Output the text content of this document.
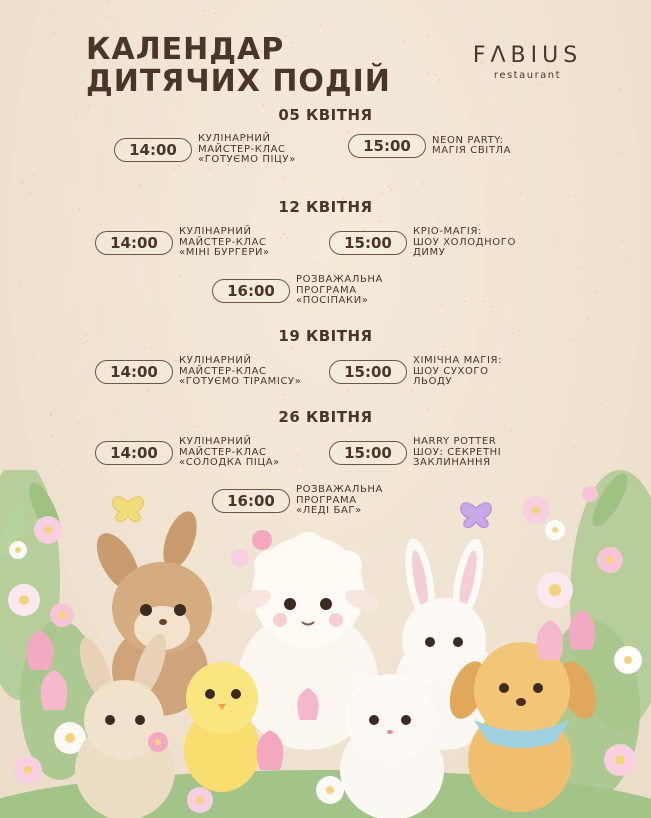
КАЛЕНДАР
ДИТЯЧИХ ПОДІЙ
FΛBIUS
restaurant
05 КВІТНЯ
14:00
КУЛІНАРНИЙ
МАЙСТЕР-КЛАС
«ГОТУЄМО ПІЦУ»
15:00	NEON PARTY:
МАГІЯ СВІТЛА
12 КВІТНЯ
14:00
КУЛІНАРНИЙ
МАЙСТЕР-КЛАС
«МІНІ БУРГЕРИ»
15:00
КРІО-МАГІЯ:
ШОУ ХОЛОДНОГО
ДИМУ
16:00
РОЗВАЖАЛЬНА
ПРОГРАМА
«ПОСІПАКИ»
19 КВІТНЯ
14:00
КУЛІНАРНИЙ
МАЙСТЕР-КЛАС
«ГОТУЄМО ТІРАМІСУ»
15:00
ХІМІЧНА МАГІЯ:
ШОУ СУХОГО
ЛЬОДУ
26 КВІТНЯ
14:00
КУЛІНАРНИЙ
МАЙСТЕР-КЛАС
«СОЛОДКА ПІЦА»
15:00
HARRY POTTER
ШОУ: СЕКРЕТНІ
ЗАКЛИНАННЯ
16:00
РОЗВАЖАЛЬНА
ПРОГРАМА
«ЛЕДІ БАГ»
